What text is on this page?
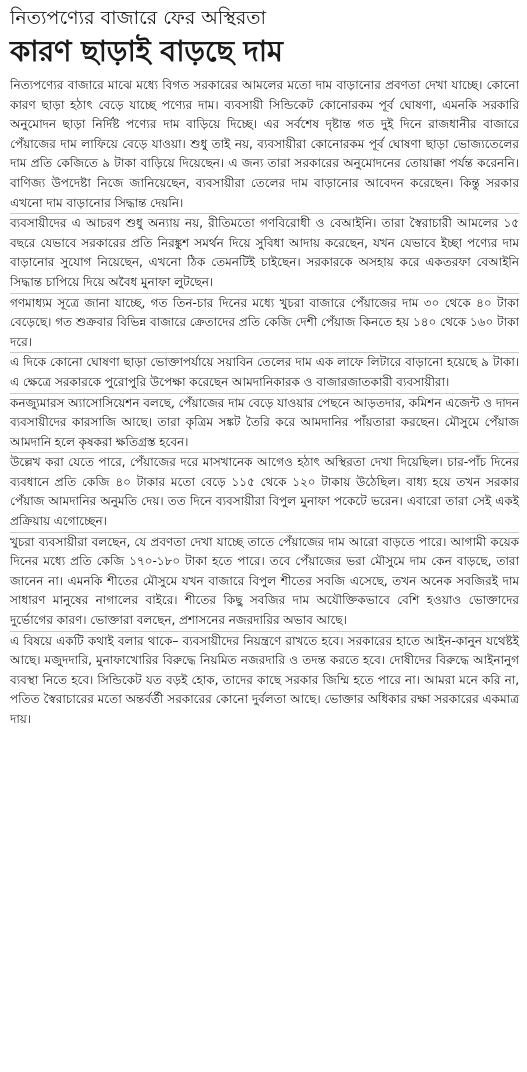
নিত্যপণ্যের বাজারে ফের অস্থিরতা
কারণ ছাড়াই বাড়ছে দাম

নিত্যপণ্যের বাজারে মাঝে মধ্যে বিগত সরকারের আমলের মতো দাম বাড়ানোর প্রবণতা দেখা যাচ্ছে। কোনো কারণ ছাড়া হঠাৎ বেড়ে যাচ্ছে পণ্যের দাম। ব্যবসায়ী সিন্ডিকেট কোনোরকম পূর্ব ঘোষণা, এমনকি সরকারি অনুমোদন ছাড়া নির্দিষ্ট পণ্যের দাম বাড়িয়ে দিচ্ছে। এর সর্বশেষ দৃষ্টান্ত গত দুই দিনে রাজধানীর বাজারে পেঁয়াজের দাম লাফিয়ে বেড়ে যাওয়া। শুধু তাই নয়, ব্যবসায়ীরা কোনোরকম পূর্ব ঘোষণা ছাড়া ভোজ্যতেলের দাম প্রতি কেজিতে ৯ টাকা বাড়িয়ে দিয়েছেন। এ জন্য তারা সরকারের অনুমোদনের তোয়াক্কা পর্যন্ত করেননি। বাণিজ্য উপদেষ্টা নিজে জানিয়েছেন, ব্যবসায়ীরা তেলের দাম বাড়ানোর আবেদন করেছেন। কিন্তু সরকার এখনো দাম বাড়ানোর সিদ্ধান্ত দেয়নি।

ব্যবসায়ীদের এ আচরণ শুধু অন্যায় নয়, রীতিমতো গণবিরোধী ও বেআইনি। তারা স্বৈরাচারী আমলের ১৫ বছরে যেভাবে সরকারের প্রতি নিরঙ্কুশ সমর্থন দিয়ে সুবিধা আদায় করেছেন, যখন যেভাবে ইচ্ছা পণ্যের দাম বাড়ানোর সুযোগ নিয়েছেন, এখনো ঠিক তেমনটিই চাইছেন। সরকারকে অসহায় করে একতরফা বেআইনি সিদ্ধান্ত চাপিয়ে দিয়ে অবৈধ মুনাফা লুটছেন।

গণমাধ্যম সূত্রে জানা যাচ্ছে, গত তিন-চার দিনের মধ্যে খুচরা বাজারে পেঁয়াজের দাম ৩০ থেকে ৪০ টাকা বেড়েছে। গত শুক্রবার বিভিন্ন বাজারে ক্রেতাদের প্রতি কেজি দেশী পেঁয়াজ কিনতে হয় ১৪০ থেকে ১৬০ টাকা দরে।

এ দিকে কোনো ঘোষণা ছাড়া ভোক্তাপর্যায়ে সয়াবিন তেলের দাম এক লাফে লিটারে বাড়ানো হয়েছে ৯ টাকা। এ ক্ষেত্রে সরকারকে পুরোপুরি উপেক্ষা করেছেন আমদানিকারক ও বাজারজাতকারী ব্যবসায়ীরা।

কনজ্যুমারস অ্যাসোসিয়েশন বলছে, পেঁয়াজের দাম বেড়ে যাওয়ার পেছনে আড়তদার, কমিশন এজেন্ট ও দাদন ব্যবসায়ীদের কারসাজি আছে। তারা কৃত্রিম সঙ্কট তৈরি করে আমদানির পাঁয়তারা করছেন। মৌসুমে পেঁয়াজ আমদানি হলে কৃষকরা ক্ষতিগ্রস্ত হবেন।

উল্লেখ করা যেতে পারে, পেঁয়াজের দরে মাসখানেক আগেও হঠাৎ অস্থিরতা দেখা দিয়েছিল। চার-পাঁচ দিনের ব্যবধানে প্রতি কেজি ৪০ টাকার মতো বেড়ে ১১৫ থেকে ১২০ টাকায় উঠেছিল। বাধ্য হয়ে তখন সরকার পেঁয়াজ আমদানির অনুমতি দেয়। তত দিনে ব্যবসায়ীরা বিপুল মুনাফা পকেটে ভরেন। এবারো তারা সেই একই প্রক্রিয়ায় এগোচ্ছেন।

খুচরা ব্যবসায়ীরা বলছেন, যে প্রবণতা দেখা যাচ্ছে তাতে পেঁয়াজের দাম আরো বাড়তে পারে। আগামী কয়েক দিনের মধ্যে প্রতি কেজি ১৭০-১৮০ টাকা হতে পারে। তবে পেঁয়াজের ভরা মৌসুমে দাম কেন বাড়ছে, তারা জানেন না। এমনকি শীতের মৌসুমে যখন বাজারে বিপুল শীতের সবজি এসেছে, তখন অনেক সবজিরই দাম সাধারণ মানুষের নাগালের বাইরে। শীতের কিছু সবজির দাম অযৌক্তিকভাবে বেশি হওয়াও ভোক্তাদের দুর্ভোগের কারণ। ভোক্তারা বলছেন, প্রশাসনের নজরদারির অভাব আছে।

এ বিষয়ে একটি কথাই বলার থাকে– ব্যবসায়ীদের নিয়ন্ত্রণে রাখতে হবে। সরকারের হাতে আইন-কানুন যথেষ্টই আছে। মজুদদারি, মুনাফাখোরির বিরুদ্ধে নিয়মিত নজরদারি ও তদন্ত করতে হবে। দোষীদের বিরুদ্ধে আইনানুগ ব্যবস্থা নিতে হবে। সিন্ডিকেট যত বড়ই হোক, তাদের কাছে সরকার জিম্মি হতে পারে না। আমরা মনে করি না, পতিত স্বৈরাচারের মতো অন্তর্বর্তী সরকারের কোনো দুর্বলতা আছে। ভোক্তার অধিকার রক্ষা সরকারের একমাত্র দায়।
